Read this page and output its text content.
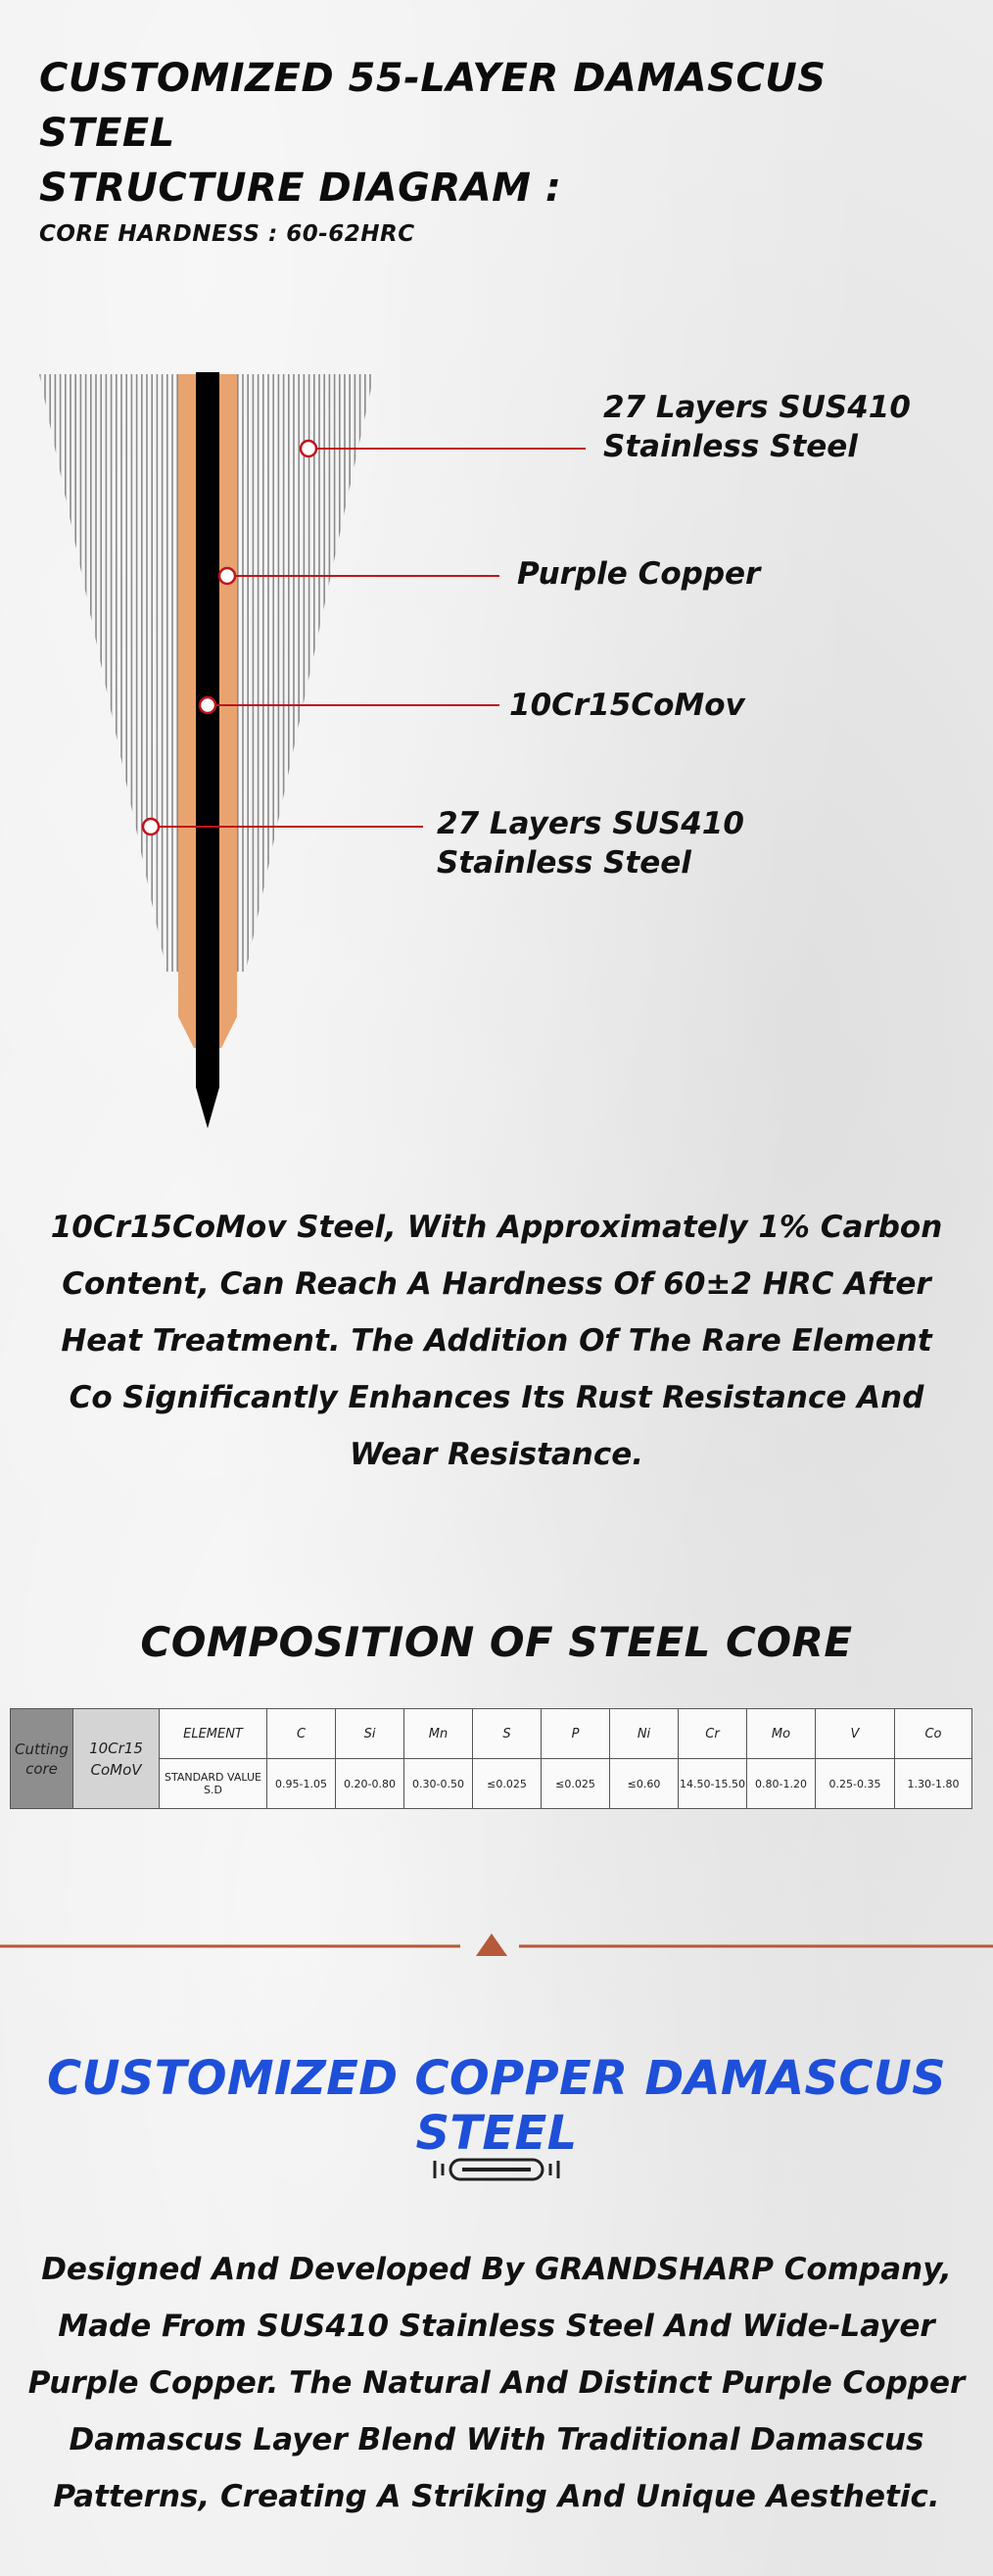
CUSTOMIZED 55-LAYER DAMASCUS STEEL
STRUCTURE DIAGRAM :
CORE HARDNESS : 60-62HRC
27 Layers SUS410
Stainless Steel
Purple Copper
10Cr15CoMov
27 Layers SUS410
Stainless Steel
10Cr15CoMov Steel, With Approximately 1% Carbon
Content, Can Reach A Hardness Of 60±2 HRC After
Heat Treatment. The Addition Of The Rare Element
Co Significantly Enhances Its Rust Resistance And
Wear Resistance.
COMPOSITION OF STEEL CORE
Cutting core	10Cr15 CoMoV	ELEMENT	C	Si	Mn	S	P	Ni	Cr	Mo	V	Co
		STANDARD VALUE S.D	0.95-1.05	0.20-0.80	0.30-0.50	≤0.025	≤0.025	≤0.60	14.50-15.50	0.80-1.20	0.25-0.35	1.30-1.80
CUSTOMIZED COPPER DAMASCUS STEEL
Designed And Developed By GRANDSHARP Company,
Made From SUS410 Stainless Steel And Wide-Layer
Purple Copper. The Natural And Distinct Purple Copper
Damascus Layer Blend With Traditional Damascus
Patterns, Creating A Striking And Unique Aesthetic.
